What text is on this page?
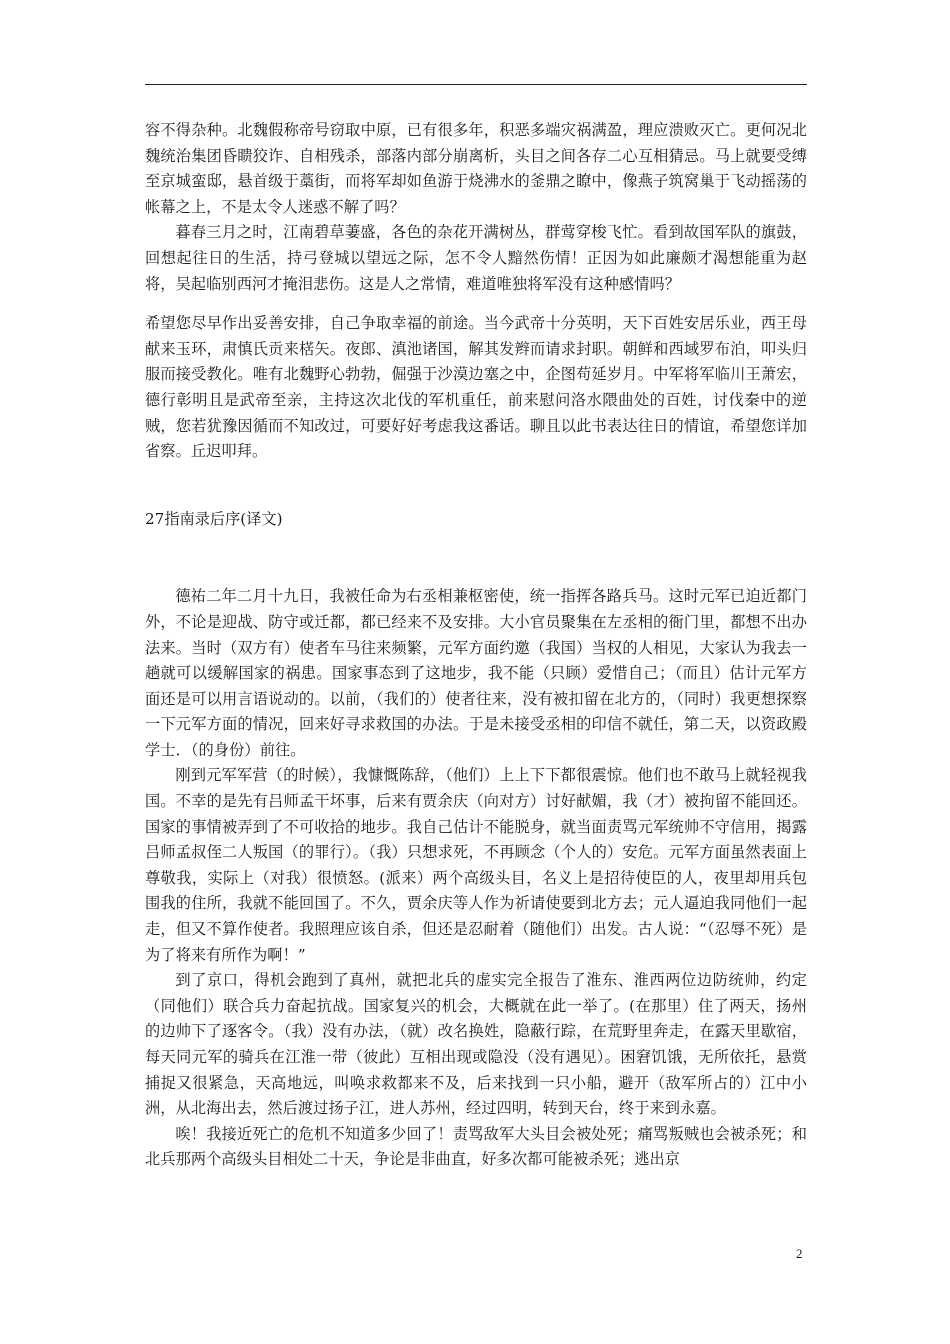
容不得杂种。北魏假称帝号窃取中原，已有很多年，积恶多端灾祸满盈，理应溃败灭亡。更何况北魏统治集团昏瞆狡诈、自相残杀，部落内部分崩离析，头目之间各存二心互相猜忌。马上就要受缚至京城蛮邸，悬首级于藁街，而将军却如鱼游于烧沸水的釜鼎之瞭中，像燕子筑窝巢于飞动摇荡的帐幕之上，不是太令人迷惑不解了吗？

暮春三月之时，江南碧草萋盛，各色的杂花开满树丛，群莺穿梭飞忙。看到故国军队的旗鼓，回想起往日的生活，持弓登城以望远之际，怎不令人黯然伤情！正因为如此廉颇才渴想能重为赵将，吴起临别西河才掩泪悲伤。这是人之常情，难道唯独将军没有这种感情吗？

希望您尽早作出妥善安排，自己争取幸福的前途。当今武帝十分英明，天下百姓安居乐业，西王母献来玉环，肃慎氏贡来楛矢。夜郎、滇池诸国，解其发辫而请求封职。朝鲜和西域罗布泊，叩头归服而接受教化。唯有北魏野心勃勃，倔强于沙漠边塞之中，企图苟延岁月。中军将军临川王萧宏，德行彰明且是武帝至亲，主持这次北伐的军机重任，前来慰问洛水隈曲处的百姓，讨伐秦中的逆贼，您若犹豫因循而不知改过，可要好好考虑我这番话。聊且以此书表达往日的情谊，希望您详加省察。丘迟叩拜。

27指南录后序(译文)

德祐二年二月十九日，我被任命为右丞相兼枢密使，统一指挥各路兵马。这时元军已迫近都门外，不论是迎战、防守或迁都，都已经来不及安排。大小官员聚集在左丞相的衙门里，都想不出办法来。当时（双方有）使者车马往来频繁，元军方面约邀（我国）当权的人相见，大家认为我去一趟就可以缓解国家的祸患。国家事态到了这地步，我不能（只顾）爱惜自己；（而且）估计元军方面还是可以用言语说动的。以前，（我们的）使者往来，没有被扣留在北方的，（同时）我更想探察一下元军方面的情况，回来好寻求救国的办法。于是未接受丞相的印信不就任，第二天，以资政殿学士．（的身份）前往。

刚到元军军营（的时候），我慷慨陈辞，（他们）上上下下都很震惊。他们也不敢马上就轻视我国。不幸的是先有吕师孟干坏事，后来有贾余庆（向对方）讨好献媚，我（才）被拘留不能回还。国家的事情被弄到了不可收拾的地步。我自己估计不能脱身，就当面责骂元军统帅不守信用，揭露吕师孟叔侄二人叛国（的罪行）。（我）只想求死，不再顾念（个人的）安危。元军方面虽然表面上尊敬我，实际上（对我）很愤怒。(派来）两个高级头目，名义上是招待使臣的人，夜里却用兵包围我的住所，我就不能回国了。不久，贾余庆等人作为祈请使要到北方去；元人逼迫我同他们一起走，但又不算作使者。我照理应该自杀，但还是忍耐着（随他们）出发。古人说：“（忍辱不死）是为了将来有所作为啊！”

到了京口，得机会跑到了真州，就把北兵的虚实完全报告了淮东、淮西两位边防统帅，约定（同他们）联合兵力奋起抗战。国家复兴的机会，大概就在此一举了。(在那里）住了两天，扬州的边帅下了逐客令。（我）没有办法，（就）改名换姓，隐蔽行踪，在荒野里奔走，在露天里歇宿，每天同元军的骑兵在江淮一带（彼此）互相出现或隐没（没有遇见）。困窘饥饿，无所依托，悬赏捕捉又很紧急，天高地远，叫唤求救都来不及，后来找到一只小船，避开（敌军所占的）江中小洲，从北海出去，然后渡过扬子江，进人苏州，经过四明，转到天台，终于来到永嘉。

唉！我接近死亡的危机不知道多少回了！责骂敌军大头目会被处死；痛骂叛贼也会被杀死；和北兵那两个高级头目相处二十天，争论是非曲直，好多次都可能被杀死；逃出京

2
